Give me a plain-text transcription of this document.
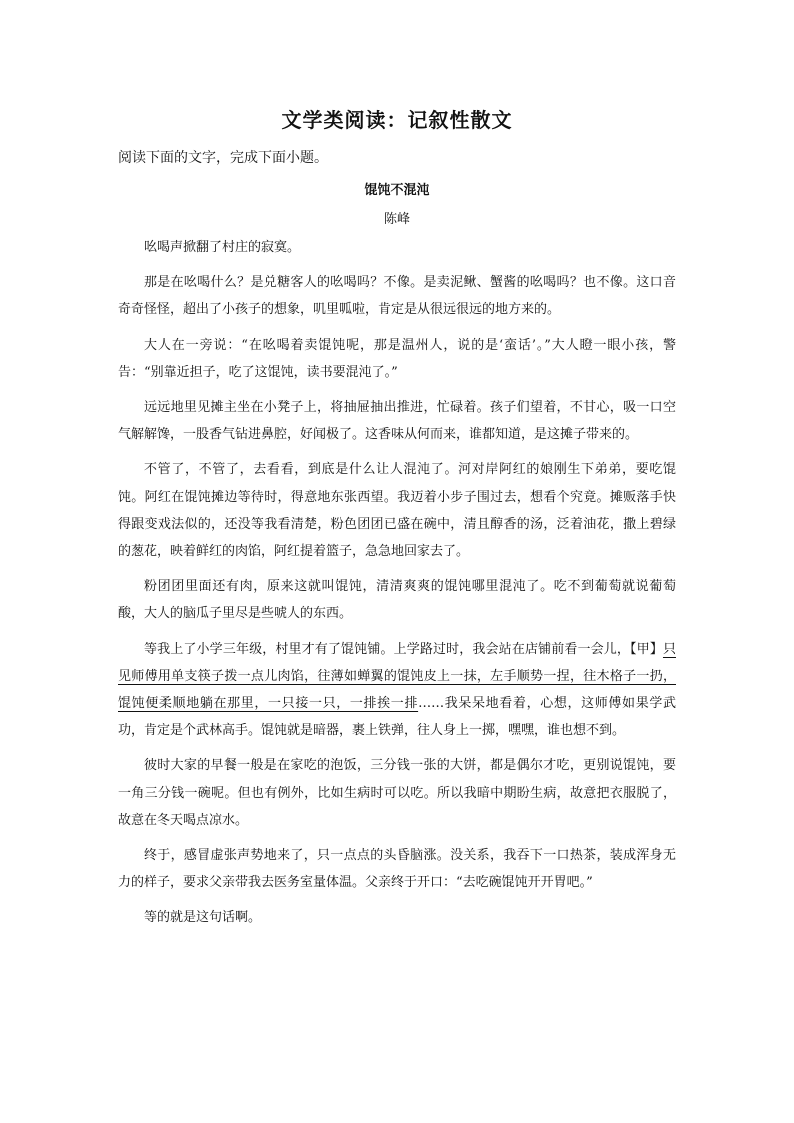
文学类阅读：记叙性散文

阅读下面的文字，完成下面小题。

馄饨不混沌

陈峰

吆喝声掀翻了村庄的寂寞。

那是在吆喝什么？是兑糖客人的吆喝吗？不像。是卖泥鳅、蟹酱的吆喝吗？也不像。这口音奇奇怪怪，超出了小孩子的想象，叽里呱啦，肯定是从很远很远的地方来的。

大人在一旁说：“在吆喝着卖馄饨呢，那是温州人，说的是‘蛮话’。”大人瞪一眼小孩，警告：“别靠近担子，吃了这馄饨，读书要混沌了。”

远远地里见摊主坐在小凳子上，将抽屉抽出推进，忙碌着。孩子们望着，不甘心，吸一口空气解解馋，一股香气钻进鼻腔，好闻极了。这香味从何而来，谁都知道，是这摊子带来的。

不管了，不管了，去看看，到底是什么让人混沌了。河对岸阿红的娘刚生下弟弟，要吃馄饨。阿红在馄饨摊边等待时，得意地东张西望。我迈着小步子围过去，想看个究竟。摊贩落手快得跟变戏法似的，还没等我看清楚，粉色团团已盛在碗中，清且醇香的汤，泛着油花，撒上碧绿的葱花，映着鲜红的肉馅，阿红提着篮子，急急地回家去了。

粉团团里面还有肉，原来这就叫馄饨，清清爽爽的馄饨哪里混沌了。吃不到葡萄就说葡萄酸，大人的脑瓜子里尽是些唬人的东西。

等我上了小学三年级，村里才有了馄饨铺。上学路过时，我会站在店铺前看一会儿，【甲】只见师傅用单支筷子拨一点儿肉馅，往薄如蝉翼的馄饨皮上一抹，左手顺势一捏，往木格子一扔，馄饨便柔顺地躺在那里，一只接一只，一排挨一排……我呆呆地看着，心想，这师傅如果学武功，肯定是个武林高手。馄饨就是暗器，裹上铁弹，往人身上一掷，嘿嘿，谁也想不到。

彼时大家的早餐一般是在家吃的泡饭，三分钱一张的大饼，都是偶尔才吃，更别说馄饨，要一角三分钱一碗呢。但也有例外，比如生病时可以吃。所以我暗中期盼生病，故意把衣服脱了，故意在冬天喝点凉水。

终于，感冒虚张声势地来了，只一点点的头昏脑涨。没关系，我吞下一口热茶，装成浑身无力的样子，要求父亲带我去医务室量体温。父亲终于开口：“去吃碗馄饨开开胃吧。”

等的就是这句话啊。
